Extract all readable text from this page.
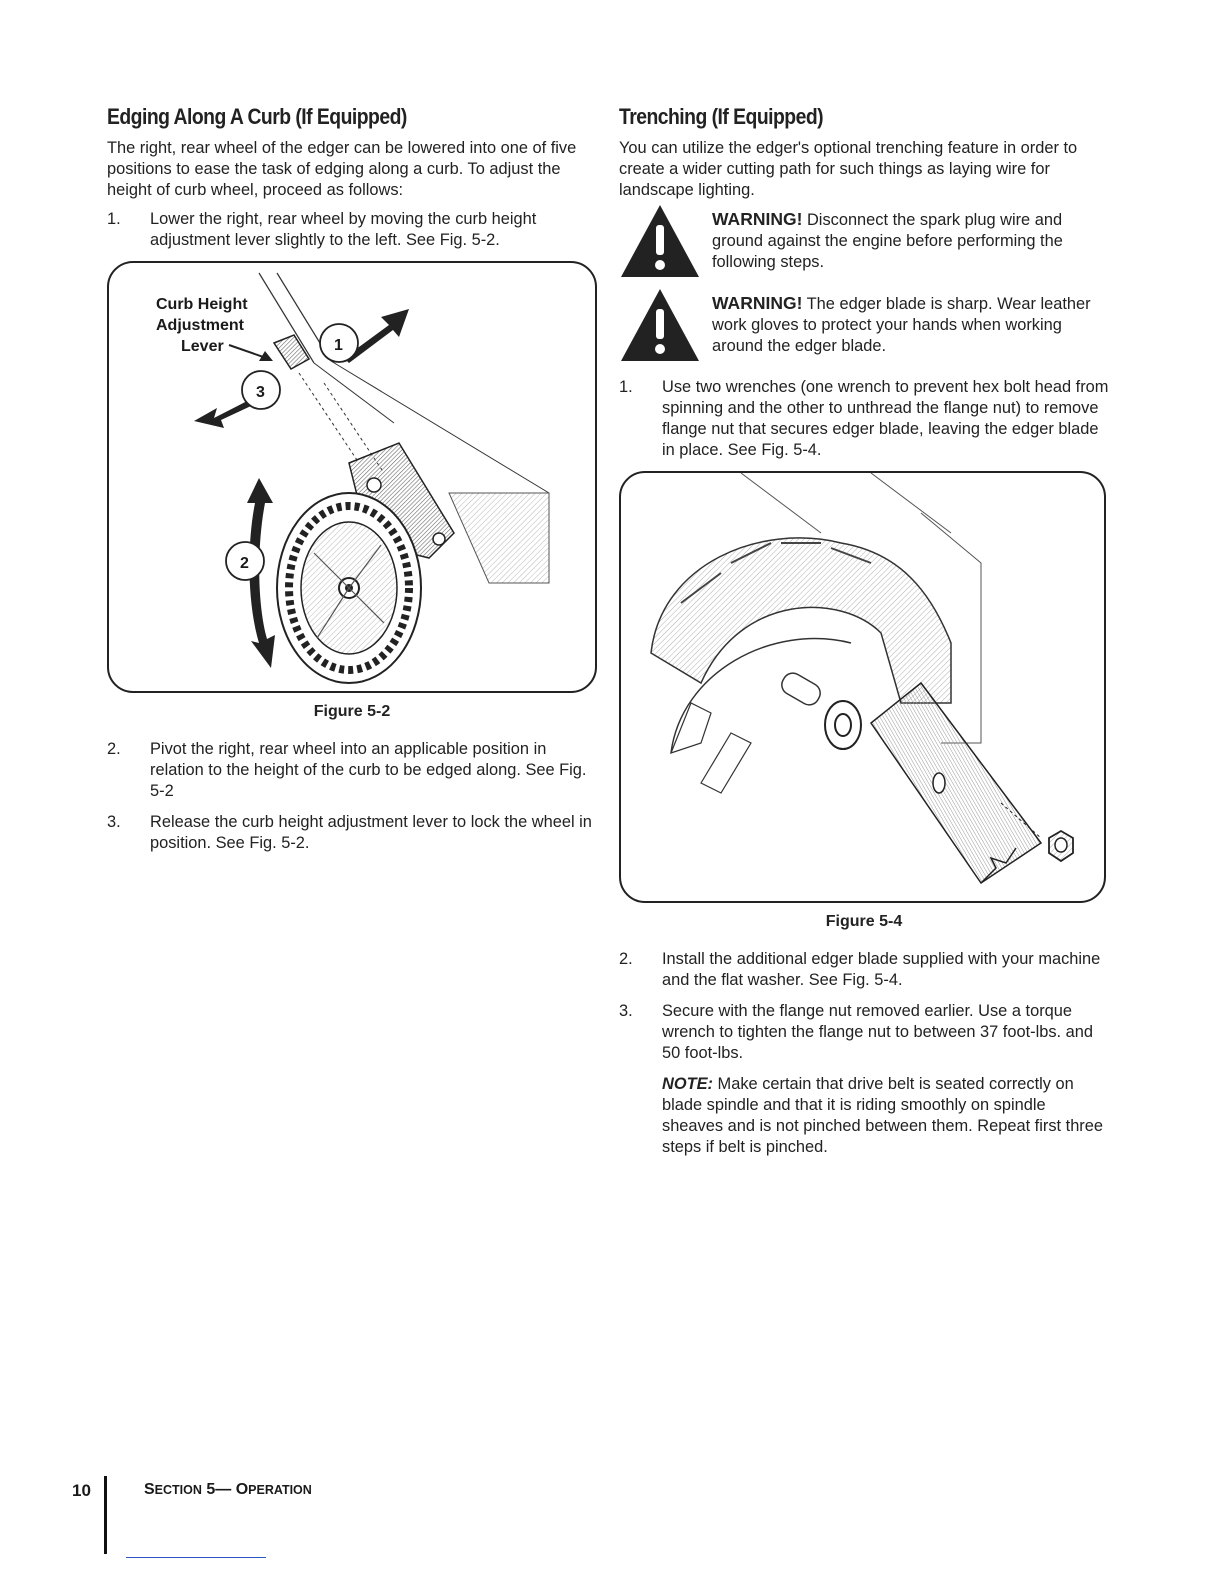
Edging Along A Curb (If Equipped)

The right, rear wheel of the edger can be lowered into one of five positions to ease the task of edging along a curb. To adjust the height of curb wheel, proceed as follows:

1. Lower the right, rear wheel by moving the curb height adjustment lever slightly to the left. See Fig. 5-2.
Curb Height
Adjustment
Lever	1
3
2
Figure 5-2
2. Pivot the right, rear wheel into an applicable position in relation to the height of the curb to be edged along. See Fig. 5-2
3. Release the curb height adjustment lever to lock the wheel in position. See Fig. 5-2.
Trenching (If Equipped)

You can utilize the edger's optional trenching feature in order to create a wider cutting path for such things as laying wire for landscape lighting.

WARNING! Disconnect the spark plug wire and ground against the engine before performing the following steps.
WARNING! The edger blade is sharp. Wear leather work gloves to protect your hands when working around the edger blade.
1. Use two wrenches (one wrench to prevent hex bolt head from spinning and the other to unthread the flange nut) to remove flange nut that secures edger blade, leaving the edger blade in place. See Fig. 5-4.
Figure 5-4
2. Install the additional edger blade supplied with your machine and the flat washer. See Fig. 5-4.
3. Secure with the flange nut removed earlier. Use a torque wrench to tighten the flange nut to between 37 foot-lbs. and 50 foot-lbs.
NOTE: Make certain that drive belt is seated correctly on blade spindle and that it is riding smoothly on spindle sheaves and is not pinched between them. Repeat first three steps if belt is pinched.
10	SECTION 5— OPERATION
